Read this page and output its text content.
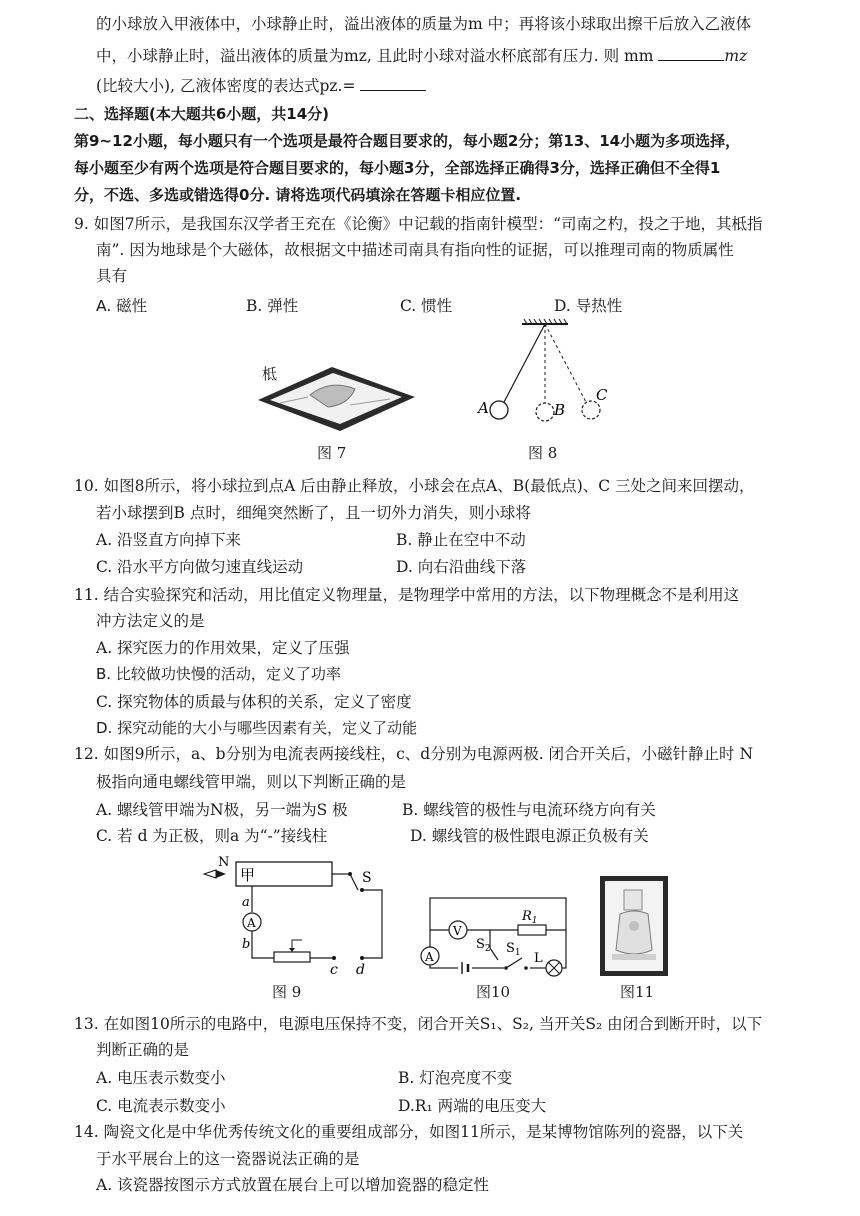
的小球放入甲液体中，小球静止时，溢出液体的质量为m 中；再将该小球取出擦干后放入乙液体
中，小球静止时，溢出液体的质量为mz, 且此时小球对溢水杯底部有压力. 则 mm	mz
(比较大小), 乙液体密度的表达式pz.=
二、选择题(本大题共6小题，共14分)
第9~12小题，每小题只有一个选项是最符合题目要求的，每小题2分；第13、14小题为多项选择，
每小题至少有两个选项是符合题目要求的，每小题3分，全部选择正确得3分，选择正确但不全得1
分，不选、多选或错选得0分. 请将选项代码填涂在答题卡相应位置.
9. 如图7所示，是我国东汉学者王充在《论衡》中记载的指南针模型：“司南之杓，投之于地，其柢指
南”. 因为地球是个大磁体，故根据文中描述司南具有指向性的证据，可以推理司南的物质属性
具有
A. 磁性	B. 弹性	C. 惯性	D. 导热性
柢
图 7
A	B
C
图 8
10. 如图8所示，将小球拉到点A 后由静止释放，小球会在点A、B(最低点)、C 三处之间来回摆动，
若小球摆到B 点时，细绳突然断了，且一切外力消失，则小球将
A. 沿竖直方向掉下来	B. 静止在空中不动
C. 沿水平方向做匀速直线运动	D. 向右沿曲线下落
11. 结合实验探究和活动，用比值定义物理量，是物理学中常用的方法，以下物理概念不是利用这
冲方法定义的是
A. 探究医力的作用效果，定义了压强
B. 比较做功快慢的活动，定义了功率
C. 探究物体的质最与体积的关系，定义了密度
D. 探究动能的大小与哪些因素有关，定义了动能
12. 如图9所示，a、b分别为电流表两接线柱，c、d分别为电源两极. 闭合开关后，小磁针静止时 N
极指向通电螺线管甲端，则以下判断正确的是
A. 螺线管甲端为N极，另一端为S 极	B. 螺线管的极性与电流环绕方向有关
C. 若 d 为正极，则a 为“-”接线柱	D. 螺线管的极性跟电源正负极有关
N
甲	S
a
A
b
c d
图 9
V
$R_1$
A
$S_2$ $S_1$ L
图10	图11
13. 在如图10所示的电路中，电源电压保持不变，闭合开关S₁、S₂, 当开关S₂ 由闭合到断开时，以下
判断正确的是
A. 电压表示数变小	B. 灯泡亮度不变
C. 电流表示数变小	D.R₁ 两端的电压变大
14. 陶瓷文化是中华优秀传统文化的重要组成部分，如图11所示，是某博物馆陈列的瓷器，以下关
于水平展台上的这一瓷器说法正确的是
A. 该瓷器按图示方式放置在展台上可以增加瓷器的稳定性
